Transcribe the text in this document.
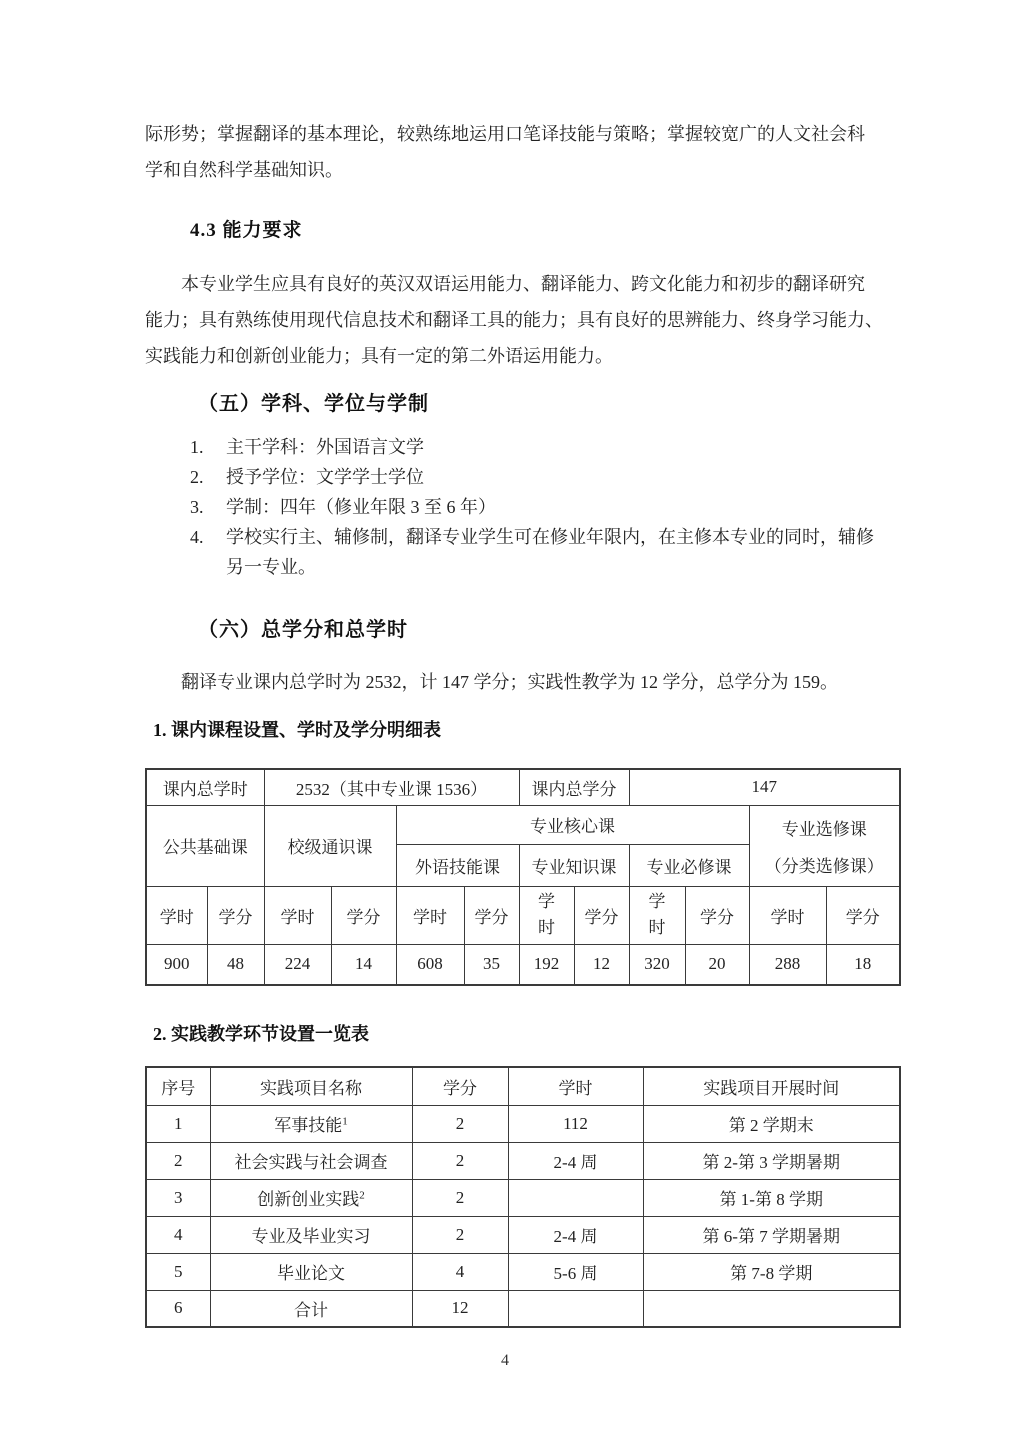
际形势；掌握翻译的基本理论，较熟练地运用口笔译技能与策略；掌握较宽广的人文社会科
学和自然科学基础知识。
4.3 能力要求
本专业学生应具有良好的英汉双语运用能力、翻译能力、跨文化能力和初步的翻译研究
能力；具有熟练使用现代信息技术和翻译工具的能力；具有良好的思辨能力、终身学习能力、
实践能力和创新创业能力；具有一定的第二外语运用能力。
（五）学科、学位与学制
1.	主干学科：外国语言文学
2.	授予学位：文学学士学位
3.	学制：四年（修业年限 3 至 6 年）
4.	学校实行主、辅修制，翻译专业学生可在修业年限内，在主修本专业的同时，辅修
另一专业。
（六）总学分和总学时
翻译专业课内总学时为 2532，计 147 学分；实践性教学为 12 学分，总学分为 159。
1. 课内课程设置、学时及学分明细表
课内总学时		2532（其中专业课 1536）				课内总学分		147			
公共基础课		校级通识课		专业核心课						专业选修课
（分类选修课）	

				外语技能课		专业知识课		专业必修课			
学时	学分	学时	学分	学时	学分	学时	学分	学时	学分	学时	学分
900	48	224	14	608	35	192	12	320	20	288	18
2. 实践教学环节设置一览表
序号	实践项目名称	学分	学时	实践项目开展时间
1	军事技能$^1$	2	112	第 2 学期末
2	社会实践与社会调查	2	2-4 周	第 2-第 3 学期暑期
3	创新创业实践$^2$	2		第 1-第 8 学期
4	专业及毕业实习	2	2-4 周	第 6-第 7 学期暑期
5	毕业论文	4	5-6 周	第 7-8 学期
6	合计	12		
4
